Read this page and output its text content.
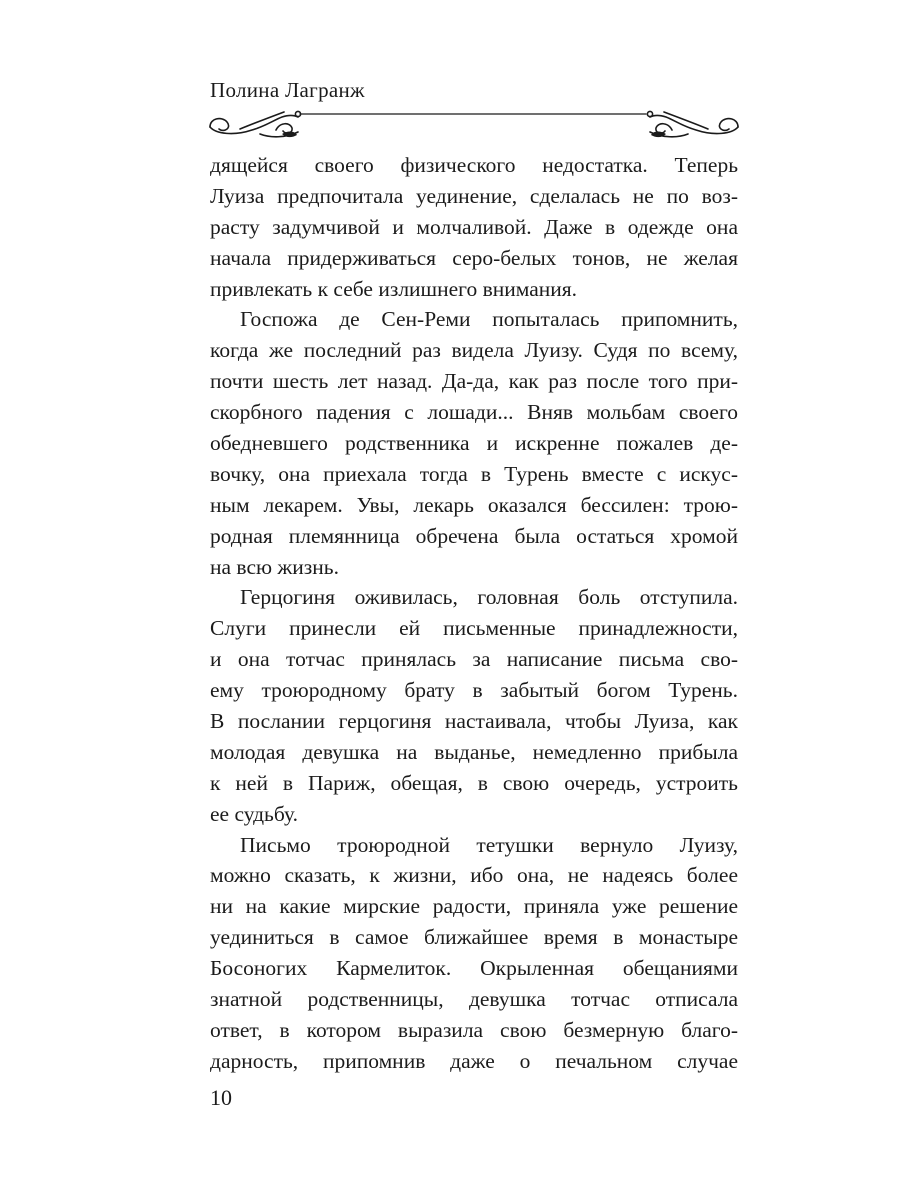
Полина Лагранж
дящейся своего физического недостатка. Теперь
Луиза предпочитала уединение, сделалась не по воз-
расту задумчивой и молчаливой. Даже в одежде она
начала придерживаться серо-белых тонов, не желая
привлекать к себе излишнего внимания.
Госпожа де Сен-Реми попыталась припомнить,
когда же последний раз видела Луизу. Судя по всему,
почти шесть лет назад. Да-да, как раз после того при-
скорбного падения с лошади... Вняв мольбам своего
обедневшего родственника и искренне пожалев де-
вочку, она приехала тогда в Турень вместе с искус-
ным лекарем. Увы, лекарь оказался бессилен: трою-
родная племянница обречена была остаться хромой
на всю жизнь.
Герцогиня оживилась, головная боль отступила.
Слуги принесли ей письменные принадлежности,
и она тотчас принялась за написание письма сво-
ему троюродному брату в забытый богом Турень.
В послании герцогиня настаивала, чтобы Луиза, как
молодая девушка на выданье, немедленно прибыла
к ней в Париж, обещая, в свою очередь, устроить
ее судьбу.
Письмо троюродной тетушки вернуло Луизу,
можно сказать, к жизни, ибо она, не надеясь более
ни на какие мирские радости, приняла уже решение
уединиться в самое ближайшее время в монастыре
Босоногих Кармелиток. Окрыленная обещаниями
знатной родственницы, девушка тотчас отписала
ответ, в котором выразила свою безмерную благо-
дарность, припомнив даже о печальном случае
10
